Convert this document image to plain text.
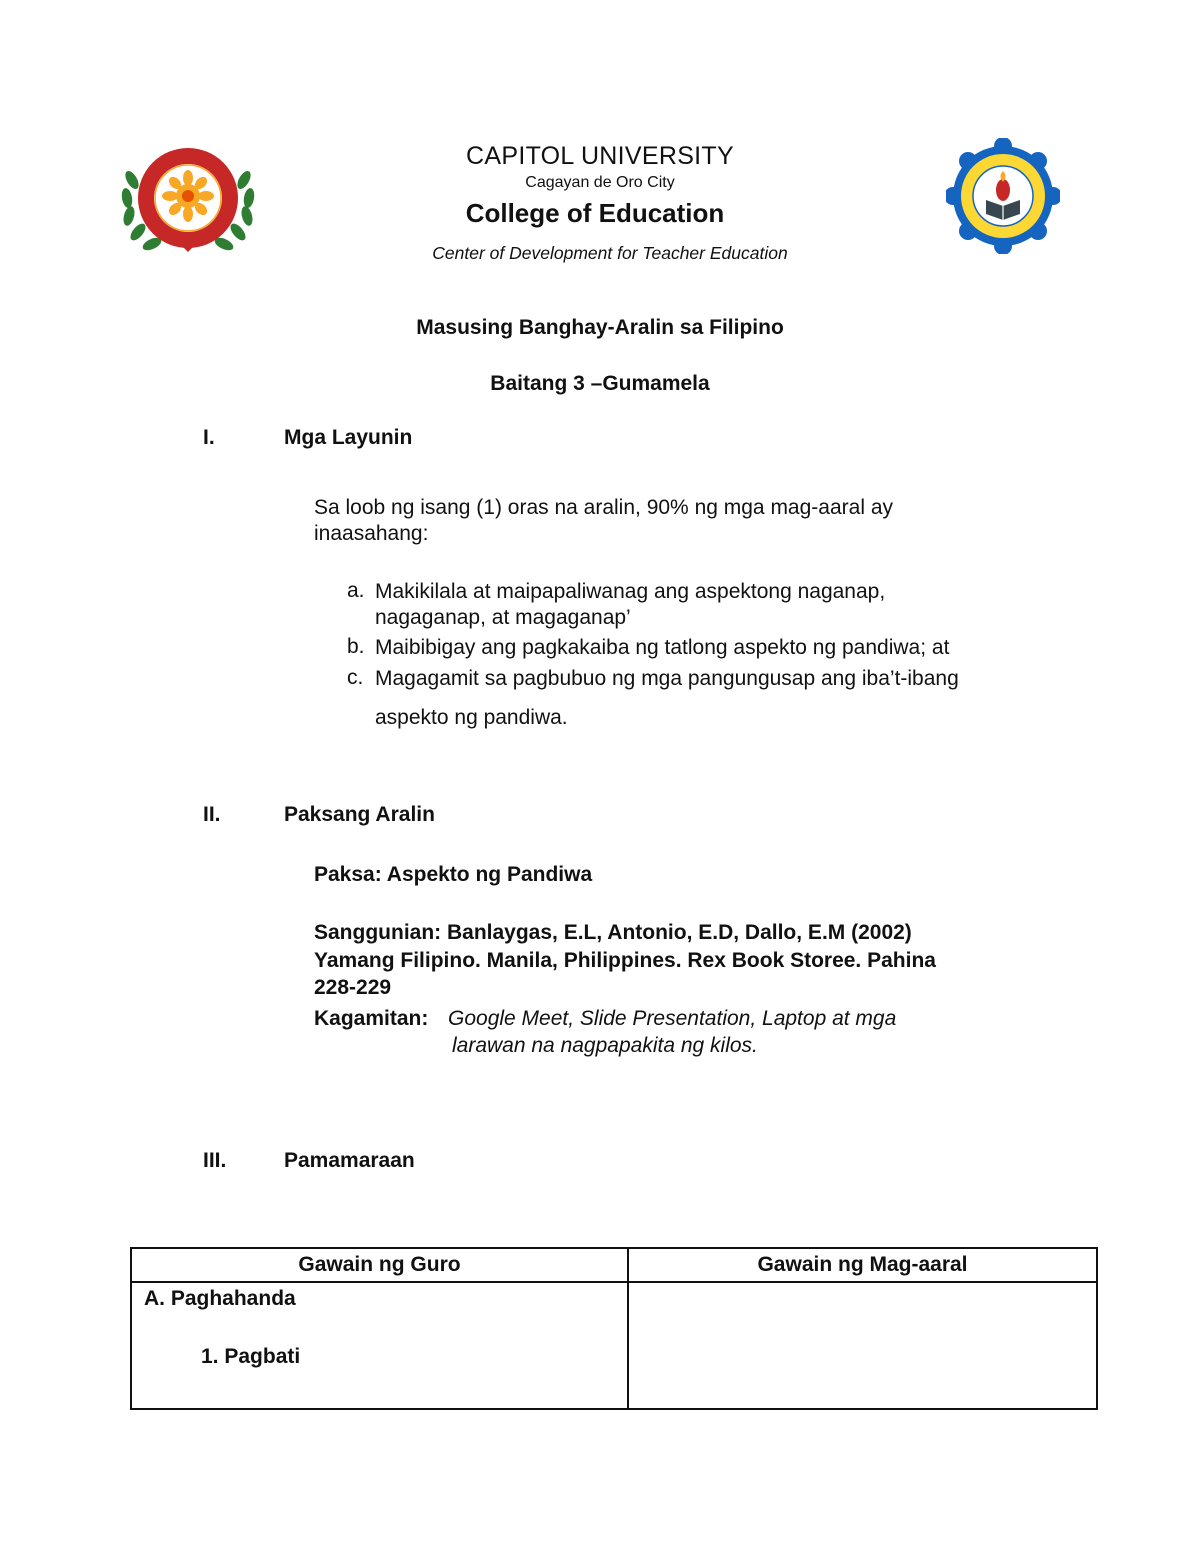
CAPITOL UNIVERSITY
Cagayan de Oro City
College of Education
Center of Development for Teacher Education
Masusing Banghay-Aralin sa Filipino
Baitang 3 –Gumamela
I.	Mga Layunin
Sa loob ng isang (1) oras na aralin, 90% ng mga mag-aaral ay
inaasahang:
a. Makikilala at maipapaliwanag ang aspektong naganap,
nagaganap, at magaganap’
b. Maibibigay ang pagkakaiba ng tatlong aspekto ng pandiwa; at
c. Magagamit sa pagbubuo ng mga pangungusap ang iba’t-ibang
aspekto ng pandiwa.
II.	Paksang Aralin
Paksa: Aspekto ng Pandiwa
Sanggunian: Banlaygas, E.L, Antonio, E.D, Dallo, E.M (2002)
Yamang Filipino. Manila, Philippines. Rex Book Storee. Pahina
228-229
Kagamitan: Google Meet, Slide Presentation, Laptop at mga
larawan na nagpapakita ng kilos.
III.	Pamamaraan
Gawain ng Guro	Gawain ng Mag-aaral

A. Paghahanda
1. Pagbati	
